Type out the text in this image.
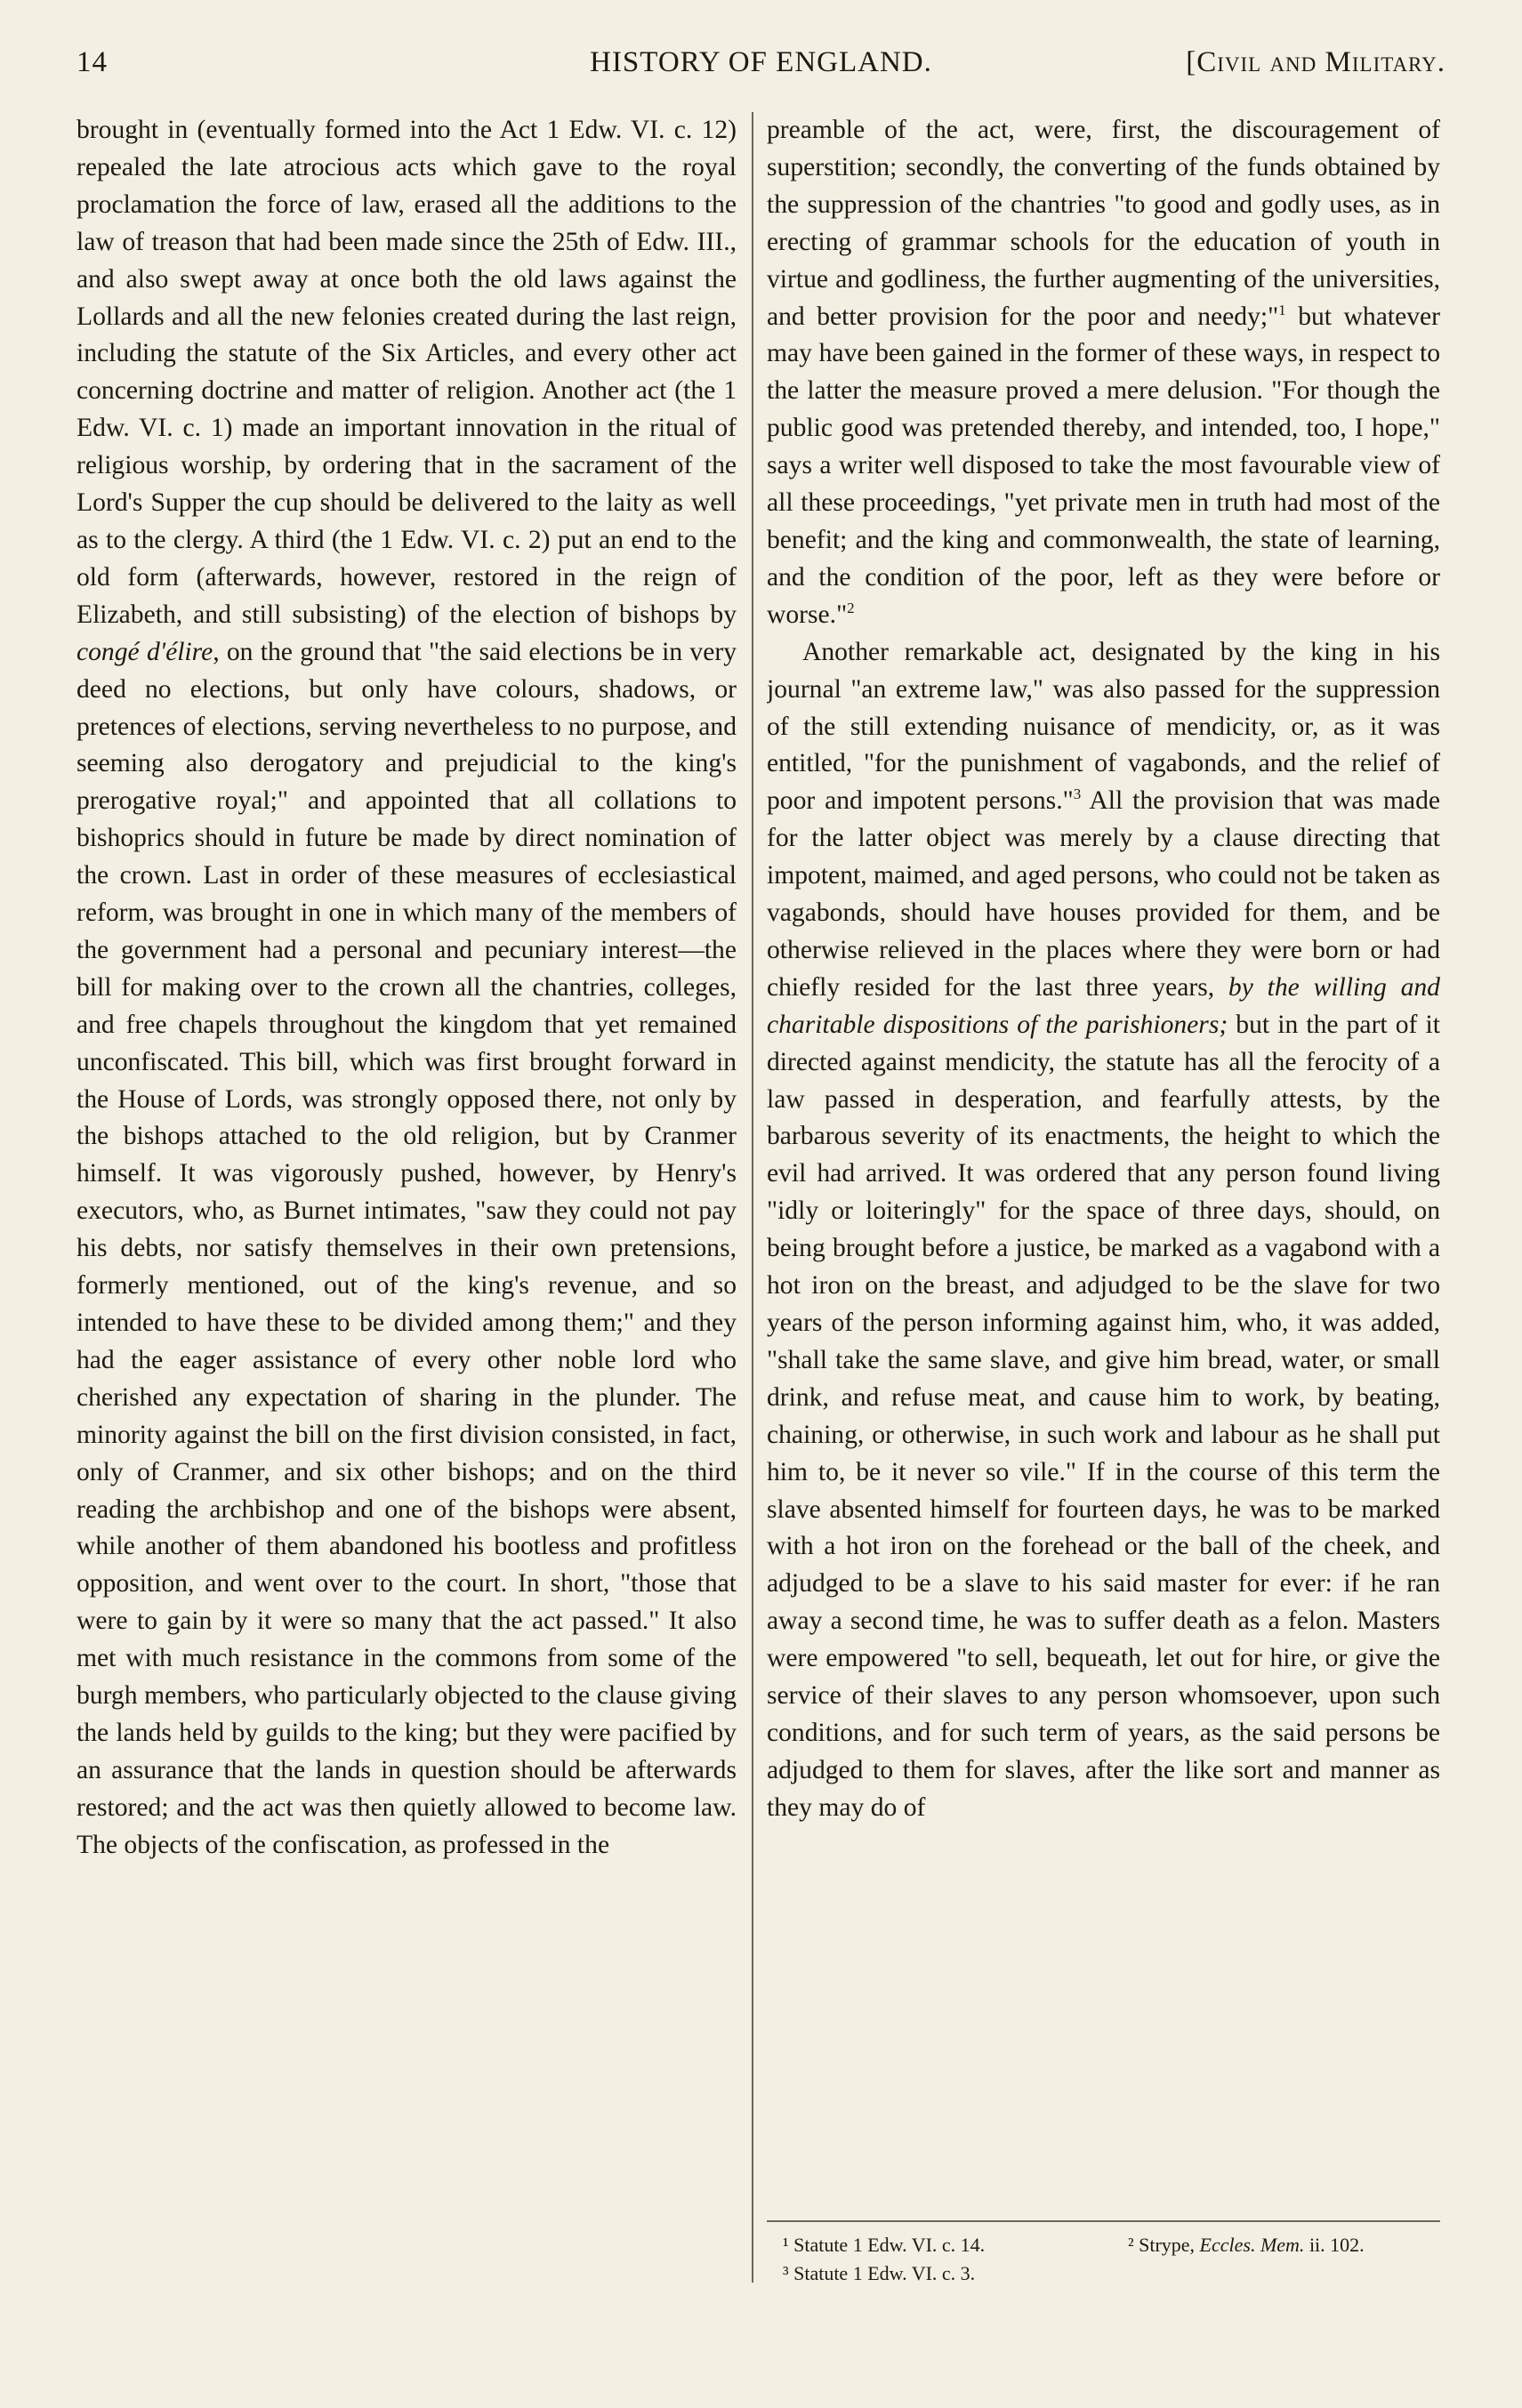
14	HISTORY OF ENGLAND.	[Civil and Military.

brought in (eventually formed into the Act 1 Edw. VI. c. 12) repealed the late atrocious acts which gave to the royal proclamation the force of law, erased all the additions to the law of treason that had been made since the 25th of Edw. III., and also swept away at once both the old laws against the Lollards and all the new felonies created during the last reign, including the statute of the Six Articles, and every other act concerning doctrine and matter of religion. Another act (the 1 Edw. VI. c. 1) made an important innovation in the ritual of religious worship, by ordering that in the sacrament of the Lord's Supper the cup should be delivered to the laity as well as to the clergy. A third (the 1 Edw. VI. c. 2) put an end to the old form (afterwards, however, restored in the reign of Elizabeth, and still subsisting) of the election of bishops by congé d'élire, on the ground that "the said elections be in very deed no elections, but only have colours, shadows, or pretences of elections, serving nevertheless to no purpose, and seeming also derogatory and prejudicial to the king's prerogative royal;" and appointed that all collations to bishoprics should in future be made by direct nomination of the crown. Last in order of these measures of ecclesiastical reform, was brought in one in which many of the members of the government had a personal and pecuniary interest—the bill for making over to the crown all the chantries, colleges, and free chapels throughout the kingdom that yet remained unconfiscated. This bill, which was first brought forward in the House of Lords, was strongly opposed there, not only by the bishops attached to the old religion, but by Cranmer himself. It was vigorously pushed, however, by Henry's executors, who, as Burnet intimates, "saw they could not pay his debts, nor satisfy themselves in their own pretensions, formerly mentioned, out of the king's revenue, and so intended to have these to be divided among them;" and they had the eager assistance of every other noble lord who cherished any expectation of sharing in the plunder. The minority against the bill on the first division consisted, in fact, only of Cranmer, and six other bishops; and on the third reading the archbishop and one of the bishops were absent, while another of them abandoned his bootless and profitless opposition, and went over to the court. In short, "those that were to gain by it were so many that the act passed." It also met with much resistance in the commons from some of the burgh members, who particularly objected to the clause giving the lands held by guilds to the king; but they were pacified by an assurance that the lands in question should be afterwards restored; and the act was then quietly allowed to become law. The objects of the confiscation, as professed in the

preamble of the act, were, first, the discouragement of superstition; secondly, the converting of the funds obtained by the suppression of the chantries "to good and godly uses, as in erecting of grammar schools for the education of youth in virtue and godliness, the further augmenting of the universities, and better provision for the poor and needy;"$^1$ but whatever may have been gained in the former of these ways, in respect to the latter the measure proved a mere delusion. "For though the public good was pretended thereby, and intended, too, I hope," says a writer well disposed to take the most favourable view of all these proceedings, "yet private men in truth had most of the benefit; and the king and commonwealth, the state of learning, and the condition of the poor, left as they were before or worse."$^2$

Another remarkable act, designated by the king in his journal "an extreme law," was also passed for the suppression of the still extending nuisance of mendicity, or, as it was entitled, "for the punishment of vagabonds, and the relief of poor and impotent persons."$^3$ All the provision that was made for the latter object was merely by a clause directing that impotent, maimed, and aged persons, who could not be taken as vagabonds, should have houses provided for them, and be otherwise relieved in the places where they were born or had chiefly resided for the last three years, by the willing and charitable dispositions of the parishioners; but in the part of it directed against mendicity, the statute has all the ferocity of a law passed in desperation, and fearfully attests, by the barbarous severity of its enactments, the height to which the evil had arrived. It was ordered that any person found living "idly or loiteringly" for the space of three days, should, on being brought before a justice, be marked as a vagabond with a hot iron on the breast, and adjudged to be the slave for two years of the person informing against him, who, it was added, "shall take the same slave, and give him bread, water, or small drink, and refuse meat, and cause him to work, by beating, chaining, or otherwise, in such work and labour as he shall put him to, be it never so vile." If in the course of this term the slave absented himself for fourteen days, he was to be marked with a hot iron on the forehead or the ball of the cheek, and adjudged to be a slave to his said master for ever: if he ran away a second time, he was to suffer death as a felon. Masters were empowered "to sell, bequeath, let out for hire, or give the service of their slaves to any person whomsoever, upon such conditions, and for such term of years, as the said persons be adjudged to them for slaves, after the like sort and manner as they may do of

¹ Statute 1 Edw. VI. c. 14.	² Strype, Eccles. Mem. ii. 102.
³ Statute 1 Edw. VI. c. 3.
